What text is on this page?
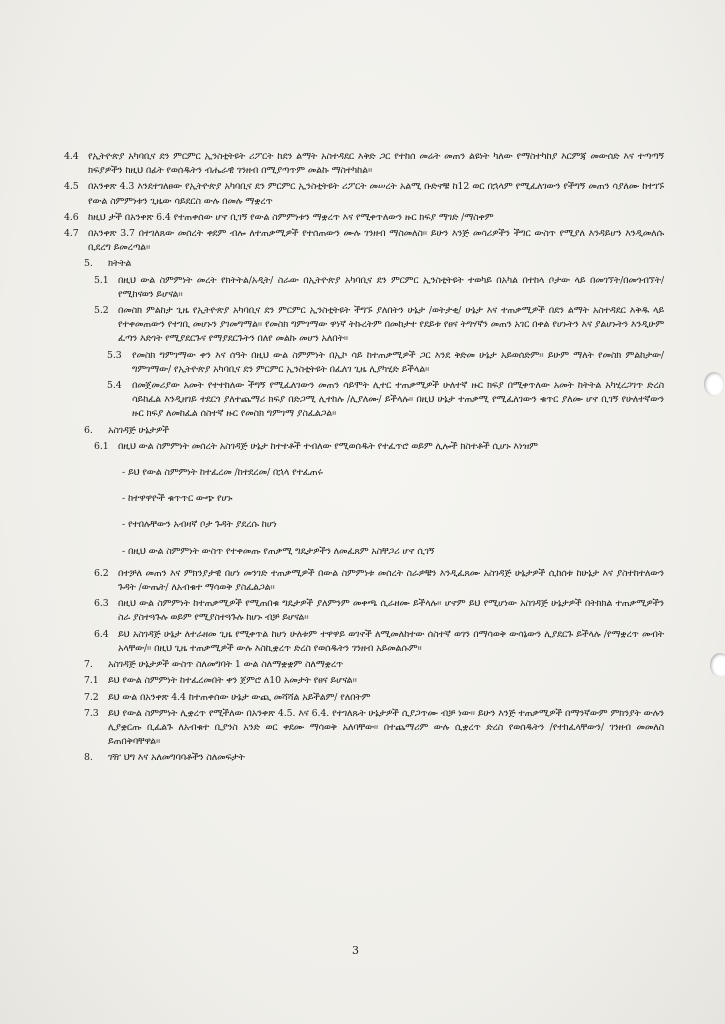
4.4 የኢትዮጵያ አካባቢና ደን ምርምር ኢንስቲትዩት ሪፖርት ከደን ልማት አስተዳደር እቅድ ጋር የተከሰ መሬት መጠን ልዩነት ካለው የማስተካከያ እርምጃ መውሰድ እና ተጣጣኝ ክፍያዎችን ከዚህ በፊት የወሰዱትን ብሔራዊ ገንዘብ በሚያጣጥም መልኩ ማስተካከል፡፡
4.5 በአንቀጽ 4.3 እንደተገለፀው የኢትዮጵያ አካባቢና ደን ምርምር ኢንስቲትዩት ሪፖርት መሠረት አልሚ ቡድኖቹ ከ12 ወር በኋላም የሚፈለገውን የችግኝ መጠን ሳያለሙ ከተገኙ የውል ስምምነቱን ጊዜው ሳይደርስ ውሉ በመሉ ማቋረጥ
4.6 ከዚህ ታች በአንቀጽ 6.4 የተጠቀሰው ሆኖ ቢገኝ የውል ስምምነቱን ማቋረጥ እና የሚቀጥለውን ዙር ክፍያ ማገድ /ማስቀም
4.7 በአንቀጽ 3.7 በተገለጸው መሰረት ቀደም ብሎ ለተጠቃሚዎች የተሰጠውን ሙሉ ገንዘብ ማስመለስ፡፡ ይሁን እንጅ መሳሪዎችን ችግር ውስጥ የሚያለ እንዳይሆን እንዲመለሱ ቢደረግ ይመረጣል፡፡
5. ክትትል
5.1 በዚህ ውል ስምምነት መረት የክትትል/አዲት/ ስራው በኢትዮጵያ አካባቢና ደን ምርምር ኢንስቲትዩት ተወካይ በአካል በተከላ ቦታው ላይ በመገኘት/በመጎብኘት/ የሚከናወን ይሆናል፡፡
5.2 በመስክ ምልከታ ጊዜ የኢትዮጵያ አካባቢና ደን ምርምር ኢንስቲትዩት ችግኙ ያለበትን ሁኔታ /ወትታቂ/ ሁኔታ እና ተጠቃሚዎች በደን ልማት አስተዳደር እቅዱ ላይ የተቀመጠውን የተገቢ መሆኑን ያገመግማል፡፡ የመስክ ግምገማው ዋነኛ ትኩረትም በመከታተ የደይቱ የፀና ትግሃኛን መጠን አገር በቀል የሆኑትን እና ያልሆኑትን እንዲሁም ፈጣን እድገት የሚያደርጉና የማያደርጉትን በለየ መልኩ መሆን አለበት፡፡
5.3 የመስክ ግምገማው ቀን እና ሰዓት በዚህ ውል ስምምነት በኢኮ ሳይ ከተጠቃሚዎች ጋር እንደ ቅድመ ሁኔታ አይወሰድም፡፡ ይሁም ማለት የመስክ ምልከታው/ግምገማው/ የኢትዮጵያ አካባቢና ደን ምርምር ኢንስቲትዩት በፈለገ ጊዜ ሊያካሂድ ይችላል፡፡
5.4 በመጀመሪያው አመት የተተከለው ችግኝ የሚፈለገውን መጠን ሳይሞት ሊተር ተጠቃሚዎች ሁለተኛ ዙር ክፍያ በሚቀጥለው አመት ከትትል አካሂረጋገጥ ድረስ ሳይከፈል እንዲዘገይ ተደርጎ ያለተጨማሪ ክፍያ በድጋሚ ሊተከሉ /ሊያለሙ/ ይችላሉ፡፡ በዚህ ሁኔታ ተጠቃሚ የሚፈለገውን ቁጥር ያለሙ ሆኖ ቢገኝ የሁለተኛውን ዙር ክፍያ ለመከፈል ሰስተኛ ዙር የመስክ ግምገማ ያስፈልጋል፡፡
6. አስገዳጅ ሁኔታዎች
6.1 በዚህ ውል ስምምነት መሰረት አስገዳጅ ሁኔታ ከተተቶች ተብለው የሚወሰዱት የተፈጥሮ ወይም ሊሎች ክስተቶች ሲሆኑ እነዝም
- ይህ የውል ስምምነት ከተፈረመ /ከተደረመ/ በኋላ የተፈጠሩ
- ከተዋዋዮች ቁጥጥር ውጭ የሆኑ
- የተበሉቸውን አብዛኛ ቦታ ጉዳት ያደረሱ ከሆነ
- በዚህ ውል ስምምነት ውስጥ የተቀመጡ የጠቃሚ ግዴታዎችን ለመፈጸም አስቸጋሪ ሆኖ ሲገኝ
6.2 በተቻለ መጠን እና ምክንያታዊ በሆነ መንገድ ተጠቃሚዎች በውል ስምምነቱ መሰረት ስራዎቹን እንዲፈጸሙ አስገዳጅ ሁኔታዎች ሲከሰቱ ከሁኔታ እና ያስተከተለውን ጉዳት /ውጤት/ ለአብቁተ ማሳወቅ ያስፈልጋል፡፡
6.3 በዚህ ውል ስምምነት ከተጠቃሚዎች የሚጠበቁ ግዴታዎች ያለምንም መቀጫ ሲራዘሙ ይችላሉ፡፡ ሆኖም ይህ የሚሆነው አስገዳጅ ሁኔታዎች በትክክል ተጠቃሚዎችን ስራ ያስተጓጉሉ ወይም የሚያስተጓጉሉ ከሆኑ ብቻ ይሆናል፡፡
6.4 ይህ አስገዳጅ ሁኔታ ለተራዘመ ጊዜ የሚቀጥል ከሆነ ሁለቱም ተዋዋይ ወገኖች ለሚመለከተው ሰስተኛ ወገን በማሳወቅ ውሳኔውን ሊያደርጉ ይችላሉ /የማቋረጥ መብት አላቸው/፡፡ በዚህ ጊዜ ተጠቃሚዎች ውሉ እስኪቋረጥ ድረስ የወሰዱትን ገንዘብ አይመልሱም፡፡
7. አስገዳጅ ሁኔታዎች ውስጥ ስለመግባት 1 ውል ስለማቋቋም ስለማቋረጥ
7.1 ይህ የውል ስምምነት ከተፈረመበት ቀን ጀምሮ ለ10 አመታት የፀና ይሆናል፡፡
7.2 ይህ ውል በአንቀጽ 4.4 ከተጠቀሰው ሁኔታ ውጪ መሻሻል አይችልም/ የለበትም
7.3 ይህ የውል ስምምነት ሊቋረጥ የሚችለው በአንቀጽ 4.5. እና 6.4. የተገለጹት ሁኔታዎች ሲያጋጥሙ ብቻ ነው፡፡ ይሁን እንጅ ተጠቃሚዎች በማንኛውም ምክንያት ውሉን ሊያቋርጡ ቢፈልጉ ለአብቁተ ቢያንስ አንድ ወር ቀደሙ ማሳወቅ አለባቸው፡፡ በተጨማሪም ውሉ ሲቋረጥ ድረስ የወሰዱትን /የተከፈላቸውን/ ገንዘብ መመለስ ይጠበቅባቸዋል፡፡
8. ገዥ ህግ እና አለመግባባቶችን ስለመፍታት
3
